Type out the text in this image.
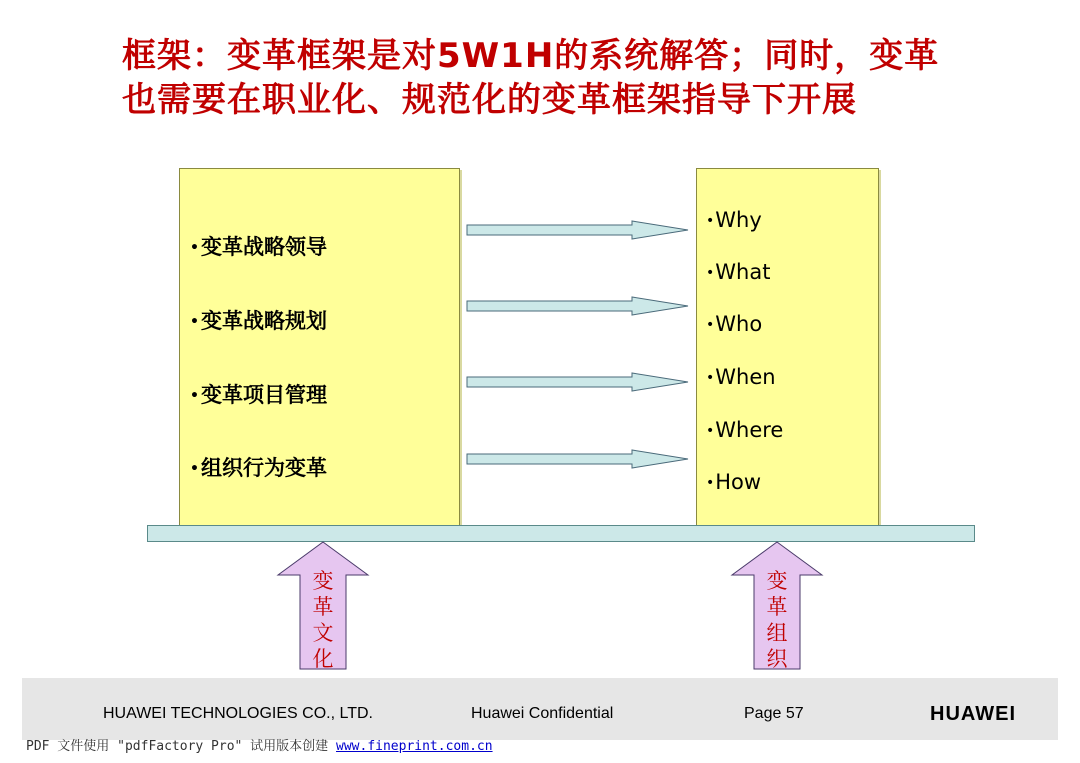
框架：变革框架是对5W1H的系统解答；同时，变革
也需要在职业化、规范化的变革框架指导下开展
•变革战略领导
•变革战略规划
•变革项目管理
•组织行为变革
•Why
•What
•Who
•When
•Where
•How
变
革
文
化
变
革
组
织
HUAWEI TECHNOLOGIES CO., LTD.	Huawei Confidential	Page 57	HUAWEI
PDF 文件使用 "pdfFactory Pro" 试用版本创建 www.fineprint.com.cn
